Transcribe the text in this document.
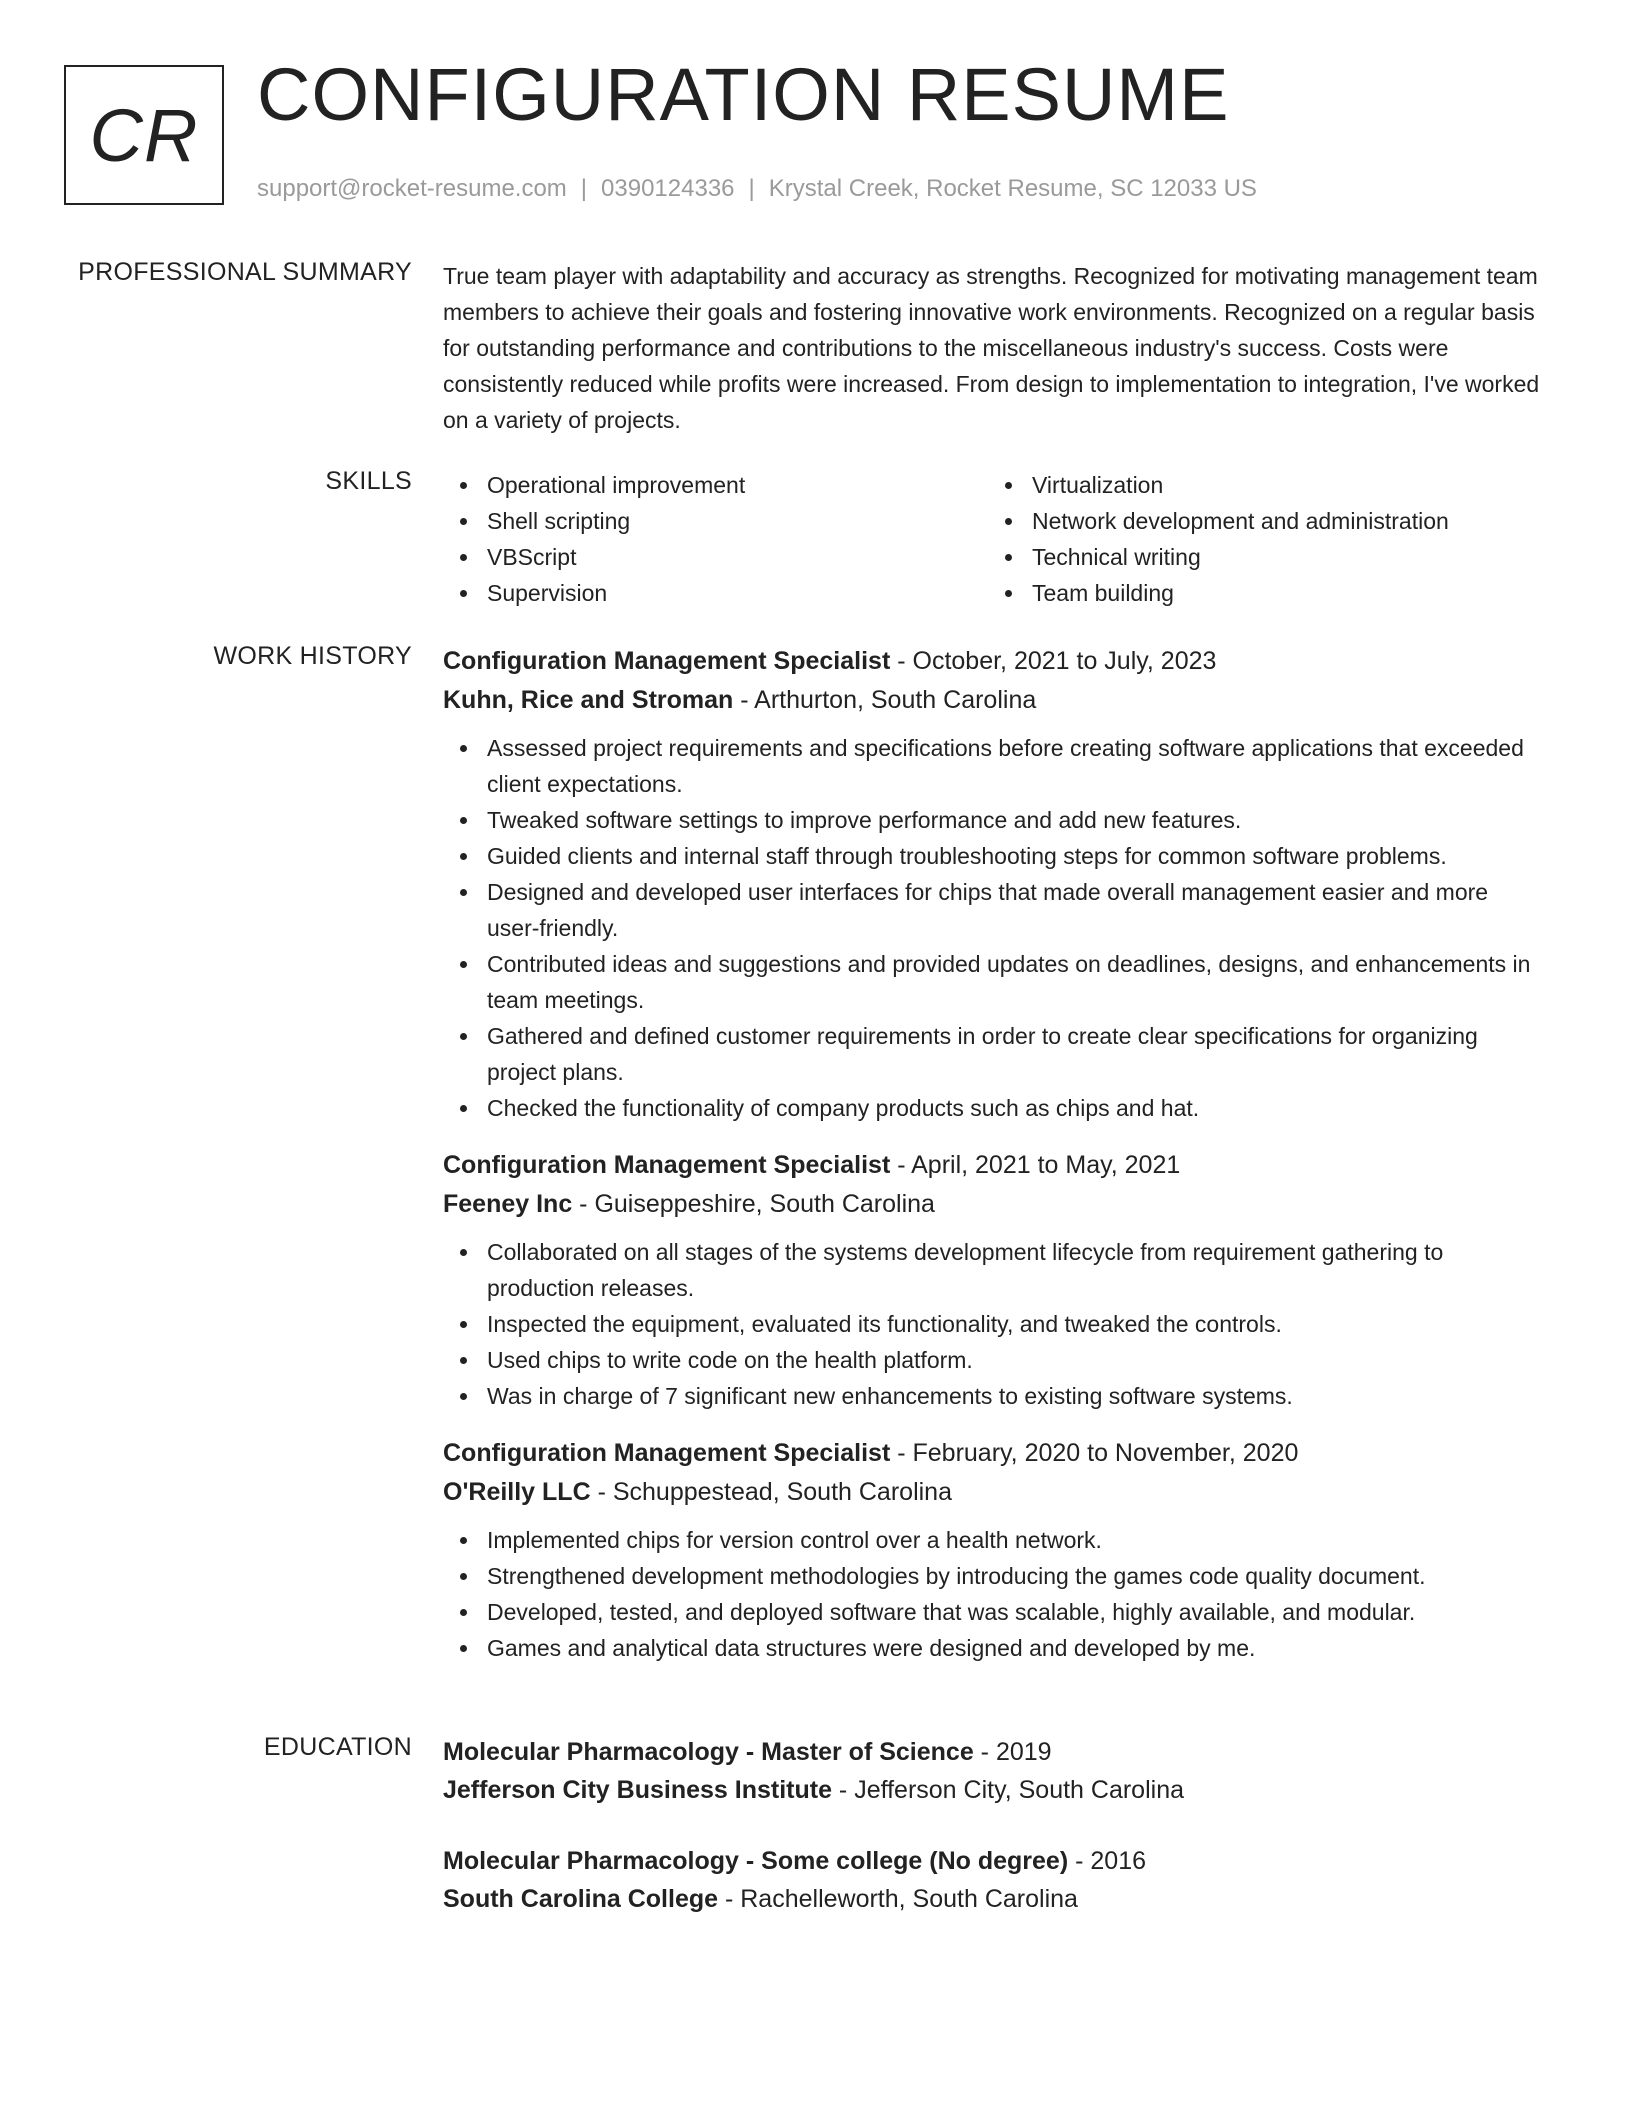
CR CONFIGURATION RESUME
support@rocket-resume.com | 0390124336 | Krystal Creek, Rocket Resume, SC 12033 US
PROFESSIONAL SUMMARY True team player with adaptability and accuracy as strengths. Recognized for motivating management team members to achieve their goals and fostering innovative work environments. Recognized on a regular basis for outstanding performance and contributions to the miscellaneous industry's success. Costs were consistently reduced while profits were increased. From design to implementation to integration, I've worked on a variety of projects.

SKILLS	Operational improvement
Shell scripting
VBScript
Supervision
Virtualization
Network development and administration
Technical writing
Team building
WORK HISTORY Configuration Management Specialist - October, 2021 to July, 2023
Kuhn, Rice and Stroman - Arthurton, South Carolina
Assessed project requirements and specifications before creating software applications that exceeded client expectations.
Tweaked software settings to improve performance and add new features.
Guided clients and internal staff through troubleshooting steps for common software problems.
Designed and developed user interfaces for chips that made overall management easier and more user-friendly.
Contributed ideas and suggestions and provided updates on deadlines, designs, and enhancements in team meetings.
Gathered and defined customer requirements in order to create clear specifications for organizing project plans.
Checked the functionality of company products such as chips and hat.
Configuration Management Specialist - April, 2021 to May, 2021
Feeney Inc - Guiseppeshire, South Carolina
Collaborated on all stages of the systems development lifecycle from requirement gathering to production releases.
Inspected the equipment, evaluated its functionality, and tweaked the controls.
Used chips to write code on the health platform.
Was in charge of 7 significant new enhancements to existing software systems.
Configuration Management Specialist - February, 2020 to November, 2020
O'Reilly LLC - Schuppestead, South Carolina
Implemented chips for version control over a health network.
Strengthened development methodologies by introducing the games code quality document.
Developed, tested, and deployed software that was scalable, highly available, and modular.
Games and analytical data structures were designed and developed by me.
EDUCATION Molecular Pharmacology - Master of Science - 2019
Jefferson City Business Institute - Jefferson City, South Carolina
Molecular Pharmacology - Some college (No degree) - 2016
South Carolina College - Rachelleworth, South Carolina
